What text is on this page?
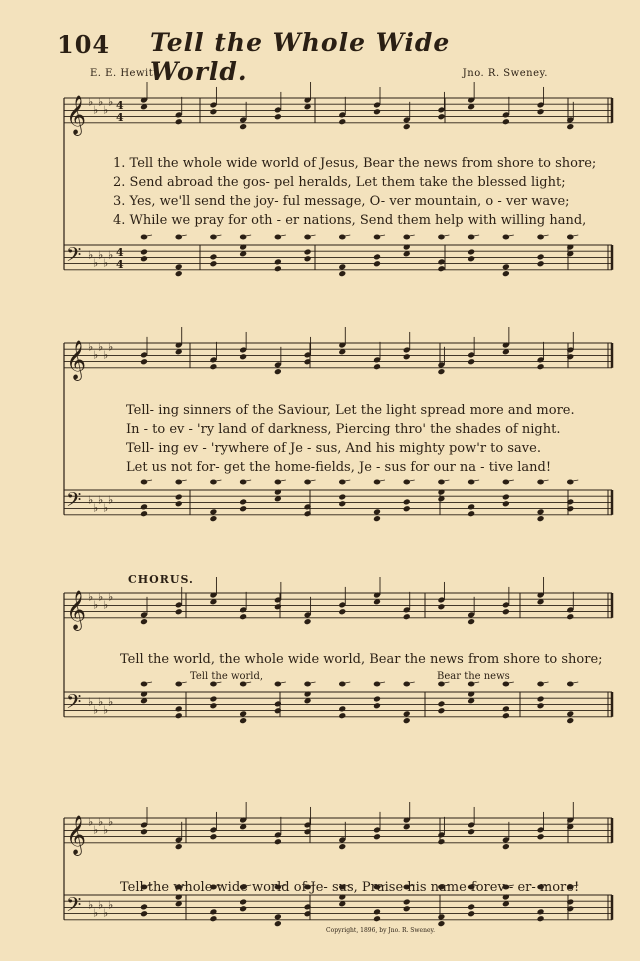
104 Tell the Whole Wide World.
E. E. Hewitt.	Jno. R. Sweney.
𝄞 ♭
♭
♭
♭
♭ 4
4
𝄢 ♭
♭
♭
♭
♭ 4
4
𝄞 ♭
♭
♭
♭
♭
𝄢 ♭
♭
♭
♭
♭
𝄞 ♭
♭
♭
♭
♭
𝄢 ♭
♭
♭
♭
♭
𝄞 ♭
♭
♭
♭
♭
𝄢 ♭
♭
♭
♭
♭
1. Tell the whole wide world of Jesus, Bear the news from shore to shore;
2. Send abroad the gos- pel heralds, Let them take the blessed light;
3. Yes, we'll send the joy- ful message, O- ver mountain, o - ver wave;
4. While we pray for oth - er nations, Send them help with willing hand,
Tell- ing sinners of the Saviour, Let the light spread more and more.
In - to ev - 'ry land of darkness, Piercing thro' the shades of night.
Tell- ing ev - 'rywhere of Je - sus, And his mighty pow'r to save.
Let us not for- get the home-fields, Je - sus for our na - tive land!
CHORUS.
Tell the world, the whole wide world, Bear the news from shore to shore;
Tell the world,	Bear the news
Tell the whole wide world of Je- sus, Praise his name forev - er- more!
Copyright, 1896, by Jno. R. Sweney.
